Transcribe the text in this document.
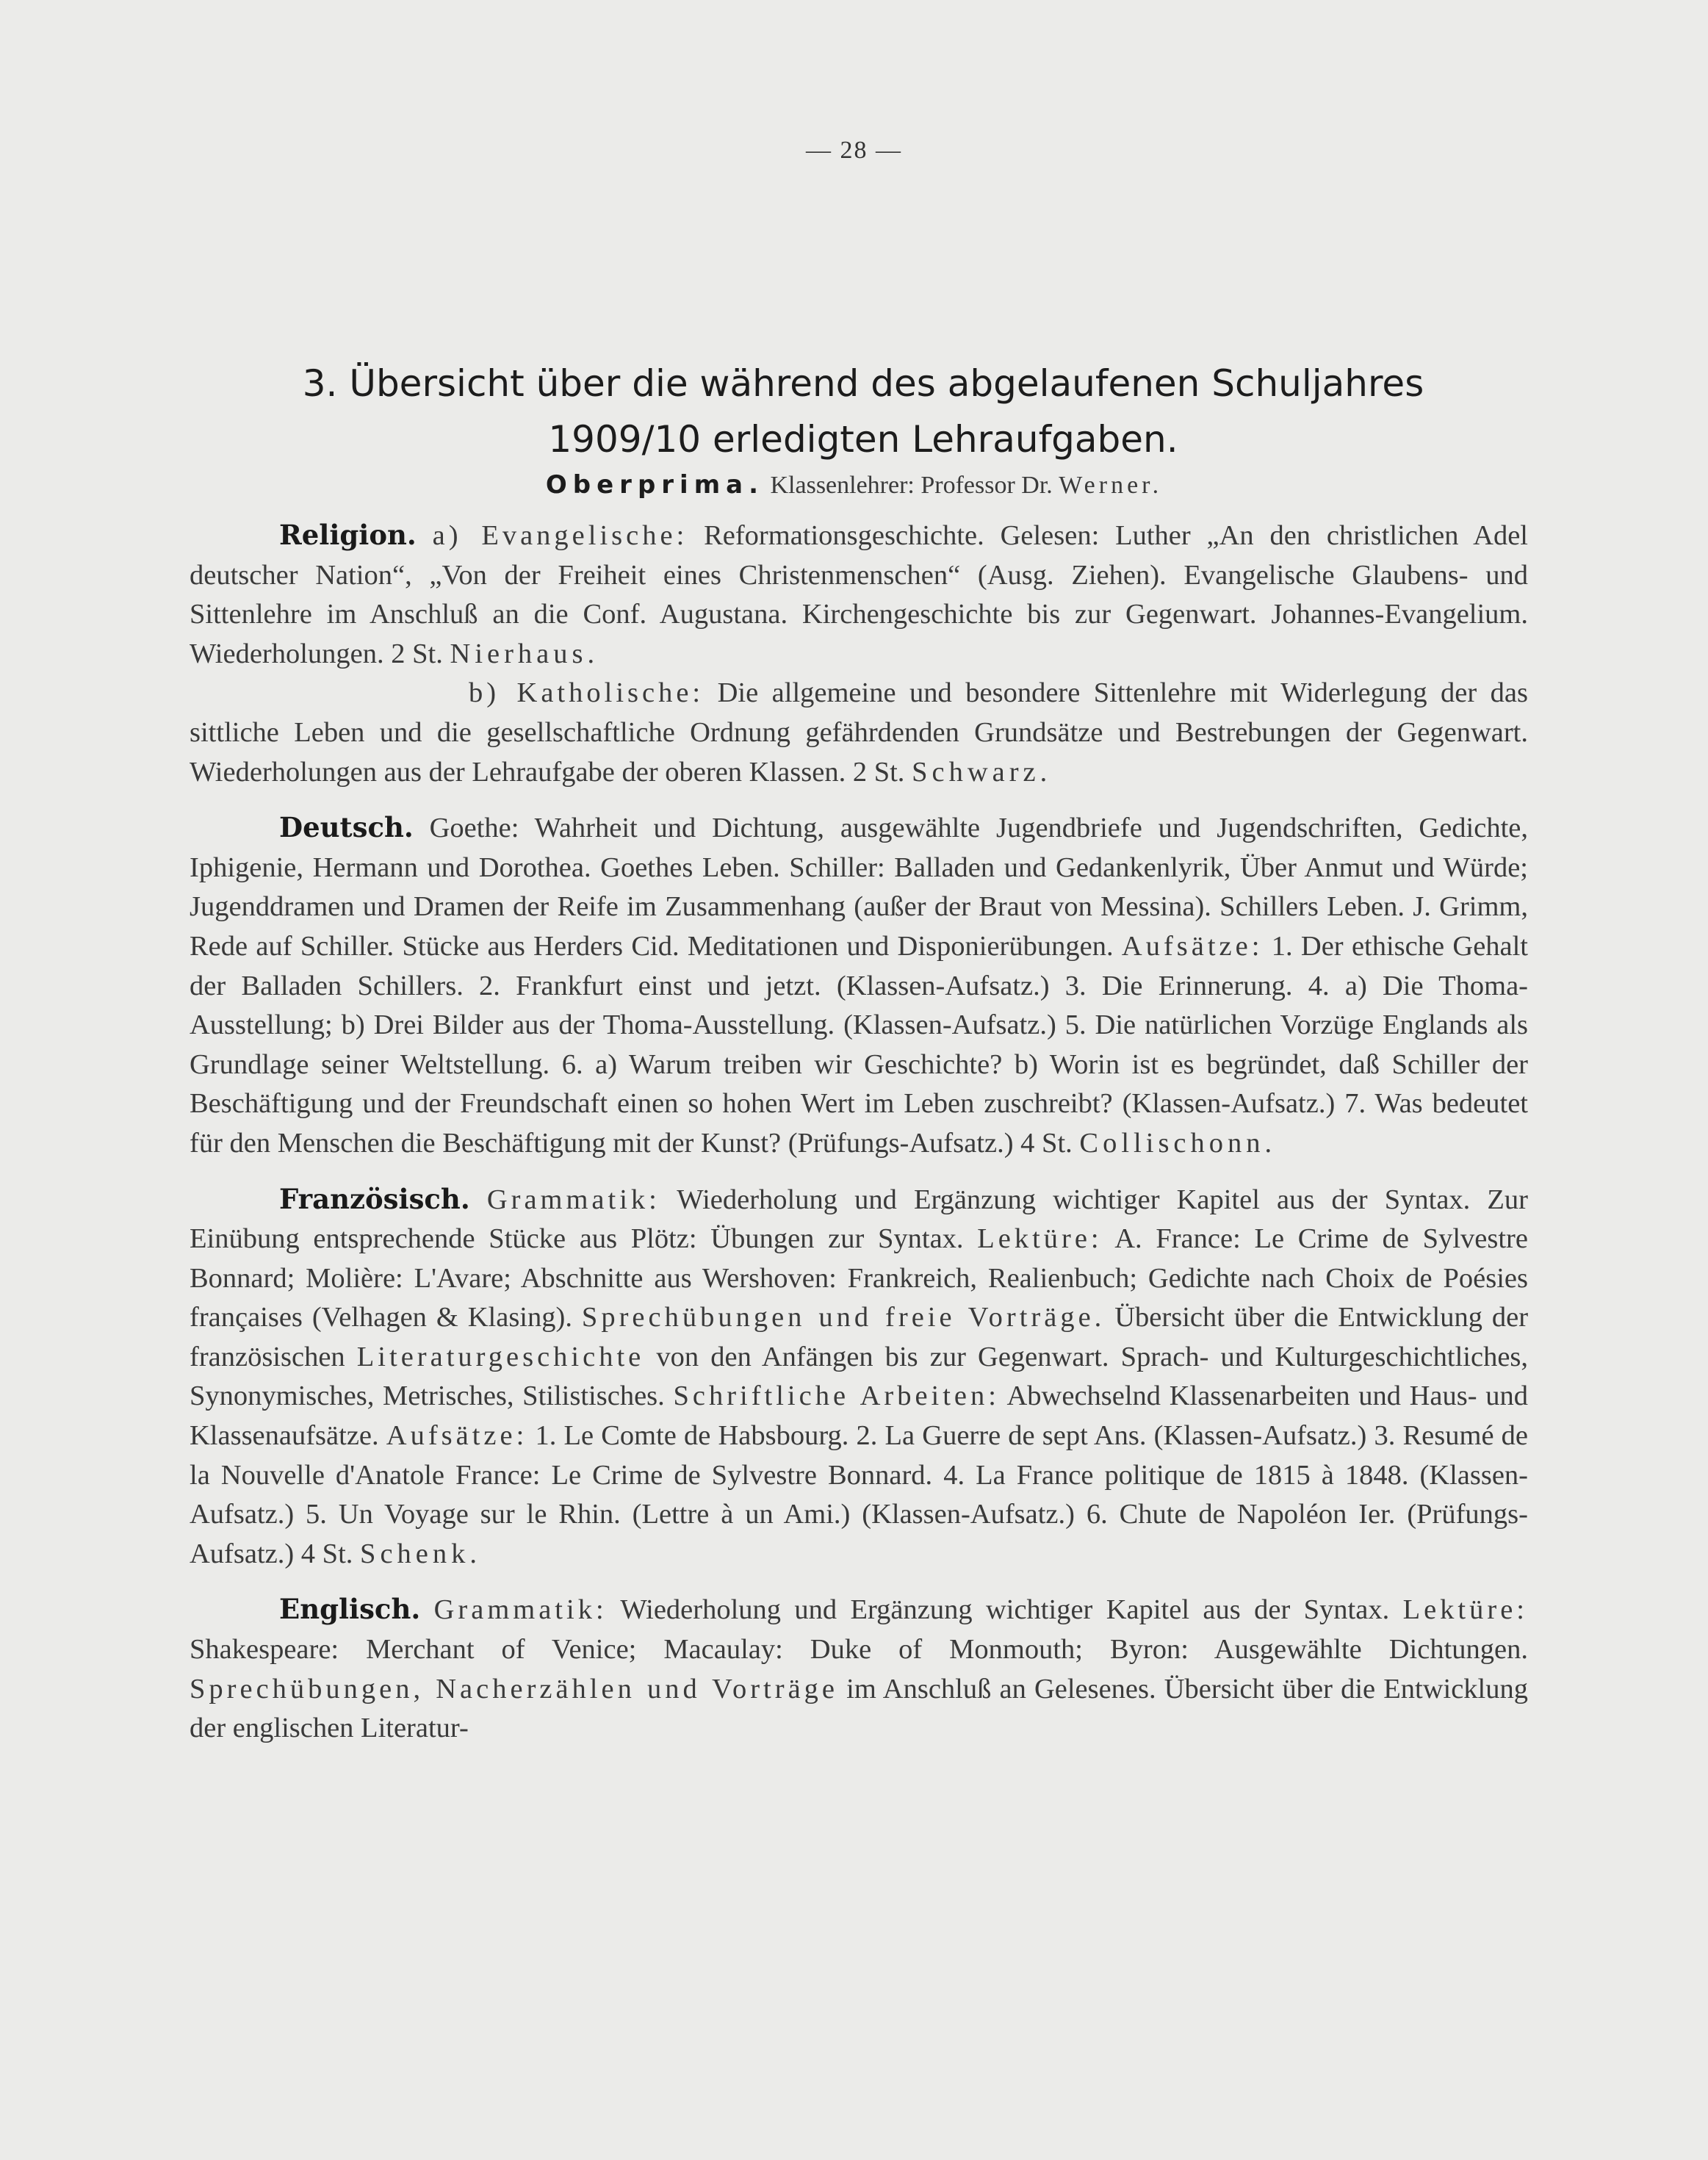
— 28 —
3. Übersicht über die während des abgelaufenen Schuljahres
1909/10 erledigten Lehraufgaben.
Oberprima. Klassenlehrer: Professor Dr. Werner.

Religion. a) Evangelische: Reformationsgeschichte. Gelesen: Luther „An den christlichen Adel deutscher Nation“, „Von der Freiheit eines Christenmenschen“ (Ausg. Ziehen). Evangelische Glaubens- und Sittenlehre im Anschluß an die Conf. Augustana. Kirchengeschichte bis zur Gegenwart. Johannes-Evangelium. Wiederholungen. 2 St. Nierhaus.

b) Katholische: Die allgemeine und besondere Sittenlehre mit Widerlegung der das sittliche Leben und die gesellschaftliche Ordnung gefährdenden Grundsätze und Bestrebungen der Gegenwart. Wiederholungen aus der Lehraufgabe der oberen Klassen. 2 St. Schwarz.

Deutsch. Goethe: Wahrheit und Dichtung, ausgewählte Jugendbriefe und Jugendschriften, Gedichte, Iphigenie, Hermann und Dorothea. Goethes Leben. Schiller: Balladen und Gedankenlyrik, Über Anmut und Würde; Jugenddramen und Dramen der Reife im Zusammenhang (außer der Braut von Messina). Schillers Leben. J. Grimm, Rede auf Schiller. Stücke aus Herders Cid. Meditationen und Disponierübungen. Aufsätze: 1. Der ethische Gehalt der Balladen Schillers. 2. Frankfurt einst und jetzt. (Klassen-Aufsatz.) 3. Die Erinnerung. 4. a) Die Thoma-Ausstellung; b) Drei Bilder aus der Thoma-Ausstellung. (Klassen-Aufsatz.) 5. Die natürlichen Vorzüge Englands als Grundlage seiner Weltstellung. 6. a) Warum treiben wir Geschichte? b) Worin ist es begründet, daß Schiller der Beschäftigung und der Freundschaft einen so hohen Wert im Leben zuschreibt? (Klassen-Aufsatz.) 7. Was bedeutet für den Menschen die Beschäftigung mit der Kunst? (Prüfungs-Aufsatz.) 4 St. Collischonn.

Französisch. Grammatik: Wiederholung und Ergänzung wichtiger Kapitel aus der Syntax. Zur Einübung entsprechende Stücke aus Plötz: Übungen zur Syntax. Lektüre: A. France: Le Crime de Sylvestre Bonnard; Molière: L'Avare; Abschnitte aus Wershoven: Frankreich, Realienbuch; Gedichte nach Choix de Poésies françaises (Velhagen & Klasing). Sprechübungen und freie Vorträge. Übersicht über die Entwicklung der französischen Literaturgeschichte von den Anfängen bis zur Gegenwart. Sprach- und Kulturgeschichtliches, Synonymisches, Metrisches, Stilistisches. Schriftliche Arbeiten: Abwechselnd Klassenarbeiten und Haus- und Klassenaufsätze. Aufsätze: 1. Le Comte de Habsbourg. 2. La Guerre de sept Ans. (Klassen-Aufsatz.) 3. Resumé de la Nouvelle d'Anatole France: Le Crime de Sylvestre Bonnard. 4. La France politique de 1815 à 1848. (Klassen-Aufsatz.) 5. Un Voyage sur le Rhin. (Lettre à un Ami.) (Klassen-Aufsatz.) 6. Chute de Napoléon Ier. (Prüfungs-Aufsatz.) 4 St. Schenk.

Englisch. Grammatik: Wiederholung und Ergänzung wichtiger Kapitel aus der Syntax. Lektüre: Shakespeare: Merchant of Venice; Macaulay: Duke of Monmouth; Byron: Ausgewählte Dichtungen. Sprechübungen, Nacherzählen und Vorträge im Anschluß an Gelesenes. Übersicht über die Entwicklung der englischen Literatur-
